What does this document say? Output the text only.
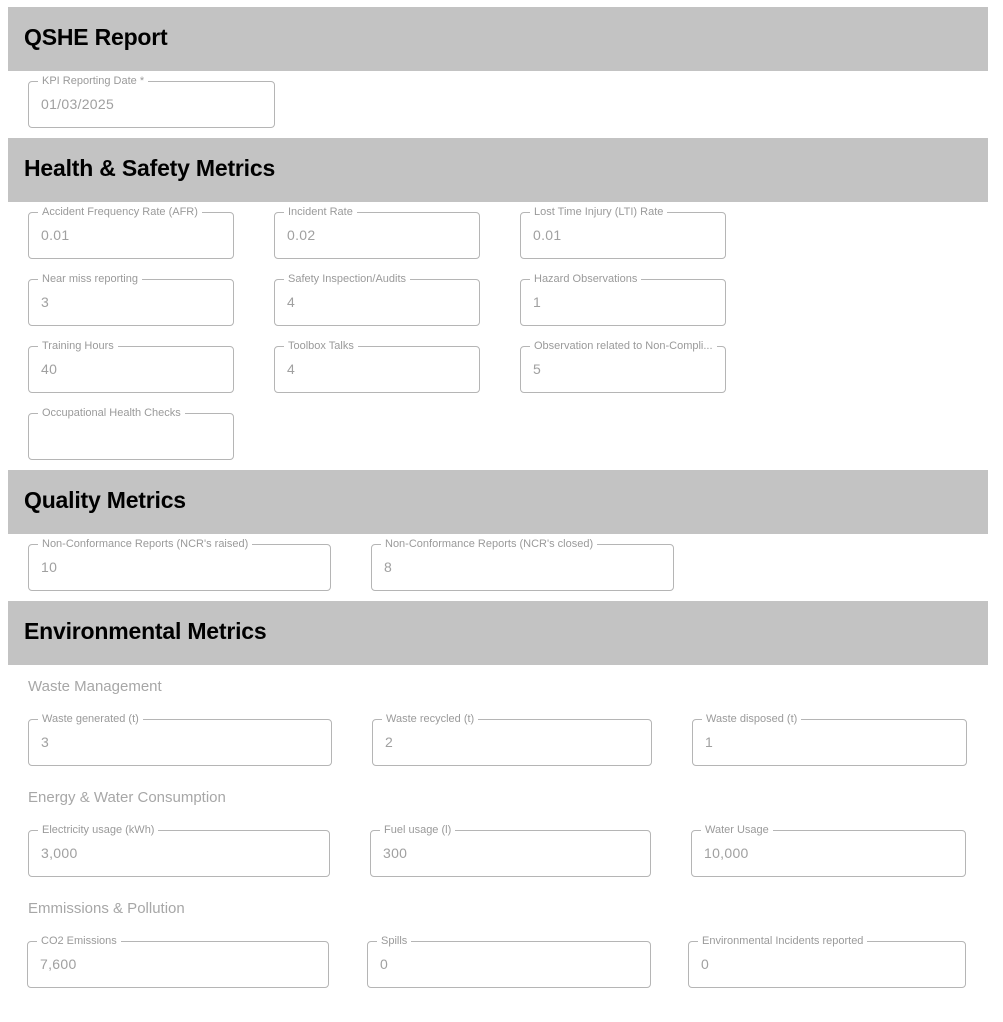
QSHE Report
KPI Reporting Date *
01/03/2025
Health & Safety Metrics
Accident Frequency Rate (AFR)
0.01
Incident Rate
0.02
Lost Time Injury (LTI) Rate
0.01
Near miss reporting
3
Safety Inspection/Audits
4
Hazard Observations
1
Training Hours
40
Toolbox Talks
4
Observation related to Non-Compli...
5
Occupational Health Checks
Quality Metrics
Non-Conformance Reports (NCR's raised)
10
Non-Conformance Reports (NCR's closed)
8
Environmental Metrics
Waste Management
Waste generated (t)
3
Waste recycled (t)
2
Waste disposed (t)
1
Energy & Water Consumption
Electricity usage (kWh)
3,000
Fuel usage (l)
300
Water Usage
10,000
Emmissions & Pollution
CO2 Emissions
7,600
Spills
0
Environmental Incidents reported
0
